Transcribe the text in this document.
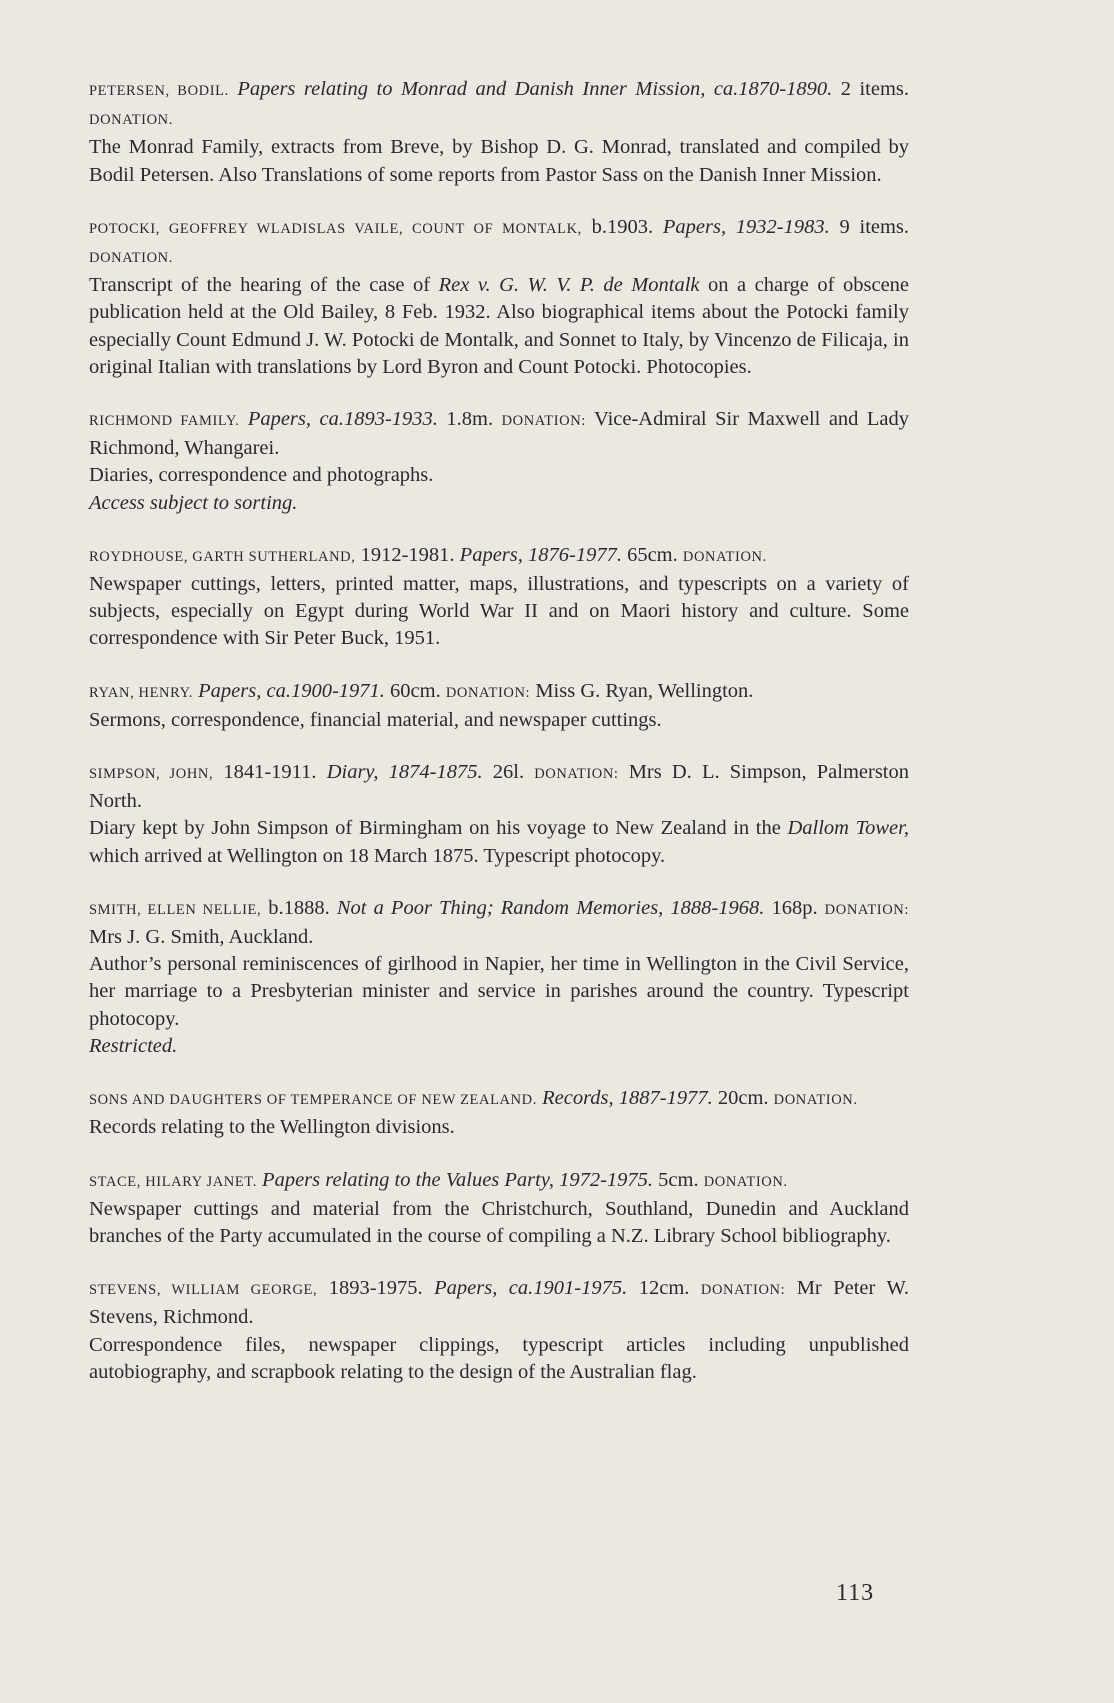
PETERSEN, BODIL. Papers relating to Monrad and Danish Inner Mission, ca.1870-1890. 2 items. DONATION.

The Monrad Family, extracts from Breve, by Bishop D. G. Monrad, translated and compiled by Bodil Petersen. Also Translations of some reports from Pastor Sass on the Danish Inner Mission.

POTOCKI, GEOFFREY WLADISLAS VAILE, COUNT OF MONTALK, b.1903. Papers, 1932-1983. 9 items. DONATION.

Transcript of the hearing of the case of Rex v. G. W. V. P. de Montalk on a charge of obscene publication held at the Old Bailey, 8 Feb. 1932. Also biographical items about the Potocki family especially Count Edmund J. W. Potocki de Montalk, and Sonnet to Italy, by Vincenzo de Filicaja, in original Italian with translations by Lord Byron and Count Potocki. Photocopies.

RICHMOND FAMILY. Papers, ca.1893-1933. 1.8m. DONATION: Vice-Admiral Sir Maxwell and Lady Richmond, Whangarei.

Diaries, correspondence and photographs.

Access subject to sorting.

ROYDHOUSE, GARTH SUTHERLAND, 1912-1981. Papers, 1876-1977. 65cm. DONATION.

Newspaper cuttings, letters, printed matter, maps, illustrations, and typescripts on a variety of subjects, especially on Egypt during World War II and on Maori history and culture. Some correspondence with Sir Peter Buck, 1951.

RYAN, HENRY. Papers, ca.1900-1971. 60cm. DONATION: Miss G. Ryan, Wellington.

Sermons, correspondence, financial material, and newspaper cuttings.

SIMPSON, JOHN, 1841-1911. Diary, 1874-1875. 26l. DONATION: Mrs D. L. Simpson, Palmerston North.

Diary kept by John Simpson of Birmingham on his voyage to New Zealand in the Dallom Tower, which arrived at Wellington on 18 March 1875. Typescript photocopy.

SMITH, ELLEN NELLIE, b.1888. Not a Poor Thing; Random Memories, 1888-1968. 168p. DONATION: Mrs J. G. Smith, Auckland.

Author’s personal reminiscences of girlhood in Napier, her time in Wellington in the Civil Service, her marriage to a Presbyterian minister and service in parishes around the country. Typescript photocopy.

Restricted.

SONS AND DAUGHTERS OF TEMPERANCE OF NEW ZEALAND. Records, 1887-1977. 20cm. DONATION.

Records relating to the Wellington divisions.

STACE, HILARY JANET. Papers relating to the Values Party, 1972-1975. 5cm. DONATION.

Newspaper cuttings and material from the Christchurch, Southland, Dunedin and Auckland branches of the Party accumulated in the course of compiling a N.Z. Library School bibliography.

STEVENS, WILLIAM GEORGE, 1893-1975. Papers, ca.1901-1975. 12cm. DONATION: Mr Peter W. Stevens, Richmond.

Correspondence files, newspaper clippings, typescript articles including unpublished autobiography, and scrapbook relating to the design of the Australian flag.

113
